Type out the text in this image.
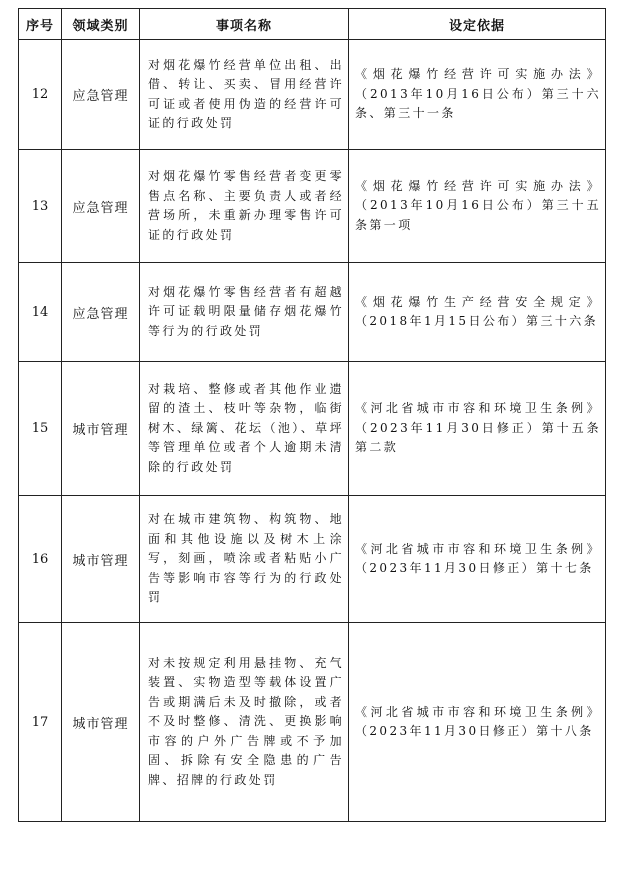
序号	领域类别	事项名称	设定依据
12	应急管理	对烟花爆竹经营单位出租、出借、转让、买卖、冒用经营许可证或者使用伪造的经营许可证的行政处罚	《烟花爆竹经营许可实施办法》（2013年10月16日公布）第三十六条、第三十一条
13	应急管理	对烟花爆竹零售经营者变更零售点名称、主要负责人或者经营场所，未重新办理零售许可证的行政处罚	《烟花爆竹经营许可实施办法》（2013年10月16日公布）第三十五条第一项
14	应急管理	对烟花爆竹零售经营者有超越许可证载明限量储存烟花爆竹等行为的行政处罚	《烟花爆竹生产经营安全规定》（2018年1月15日公布）第三十六条
15	城市管理	对栽培、整修或者其他作业遗留的渣土、枝叶等杂物，临街树木、绿篱、花坛（池）、草坪等管理单位或者个人逾期未清除的行政处罚	《河北省城市市容和环境卫生条例》（2023年11月30日修正）第十五条第二款
16	城市管理	对在城市建筑物、构筑物、地面和其他设施以及树木上涂写，刻画，喷涂或者粘贴小广告等影响市容等行为的行政处罚	《河北省城市市容和环境卫生条例》（2023年11月30日修正）第十七条
17	城市管理	对未按规定利用悬挂物、充气装置、实物造型等载体设置广告或期满后未及时撤除，或者不及时整修、清洗、更换影响市容的户外广告牌或不予加固、拆除有安全隐患的广告牌、招牌的行政处罚	《河北省城市市容和环境卫生条例》（2023年11月30日修正）第十八条
